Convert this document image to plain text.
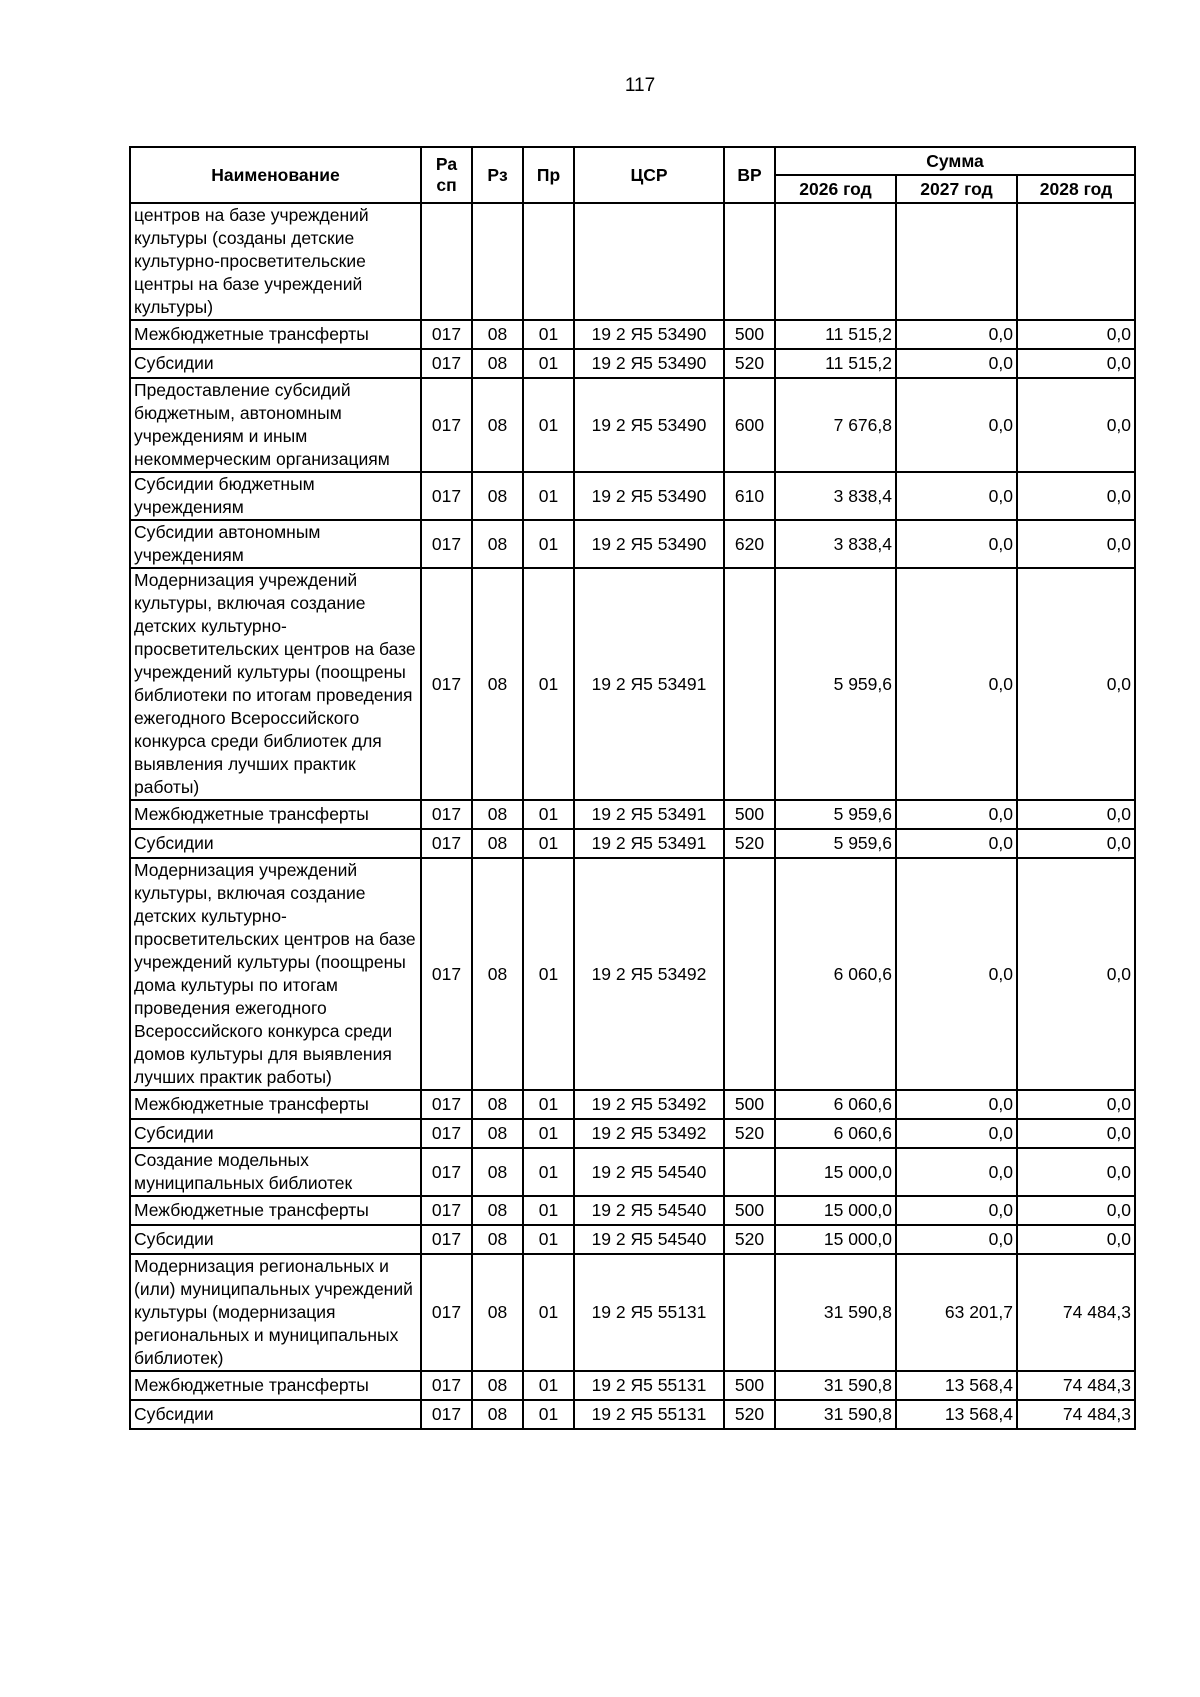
117
Наименование	Ра сп	Рз	Пр	ЦСР	ВР	Сумма		
						2026 год	2027 год	2028 год
центров на базе учреждений культуры (созданы детские культурно-просветительские центры на базе учреждений культуры)								
Межбюджетные трансферты	017	08	01	19 2 Я5 53490	500	11 515,2	0,0	0,0
Субсидии	017	08	01	19 2 Я5 53490	520	11 515,2	0,0	0,0
Предоставление субсидий бюджетным, автономным учреждениям и иным некоммерческим организациям	017	08	01	19 2 Я5 53490	600	7 676,8	0,0	0,0
Субсидии бюджетным учреждениям	017	08	01	19 2 Я5 53490	610	3 838,4	0,0	0,0
Субсидии автономным учреждениям	017	08	01	19 2 Я5 53490	620	3 838,4	0,0	0,0
Модернизация учреждений культуры, включая создание детских культурно-просветительских центров на базе учреждений культуры (поощрены библиотеки по итогам проведения ежегодного Всероссийского конкурса среди библиотек для выявления лучших практик работы)	017	08	01	19 2 Я5 53491		5 959,6	0,0	0,0
Межбюджетные трансферты	017	08	01	19 2 Я5 53491	500	5 959,6	0,0	0,0
Субсидии	017	08	01	19 2 Я5 53491	520	5 959,6	0,0	0,0
Модернизация учреждений культуры, включая создание детских культурно-просветительских центров на базе учреждений культуры (поощрены дома культуры по итогам проведения ежегодного Всероссийского конкурса среди домов культуры для выявления лучших практик работы)	017	08	01	19 2 Я5 53492		6 060,6	0,0	0,0
Межбюджетные трансферты	017	08	01	19 2 Я5 53492	500	6 060,6	0,0	0,0
Субсидии	017	08	01	19 2 Я5 53492	520	6 060,6	0,0	0,0
Создание модельных муниципальных библиотек	017	08	01	19 2 Я5 54540		15 000,0	0,0	0,0
Межбюджетные трансферты	017	08	01	19 2 Я5 54540	500	15 000,0	0,0	0,0
Субсидии	017	08	01	19 2 Я5 54540	520	15 000,0	0,0	0,0
Модернизация региональных и (или) муниципальных учреждений культуры (модернизация региональных и муниципальных библиотек)	017	08	01	19 2 Я5 55131		31 590,8	63 201,7	74 484,3
Межбюджетные трансферты	017	08	01	19 2 Я5 55131	500	31 590,8	13 568,4	74 484,3
Субсидии	017	08	01	19 2 Я5 55131	520	31 590,8	13 568,4	74 484,3
